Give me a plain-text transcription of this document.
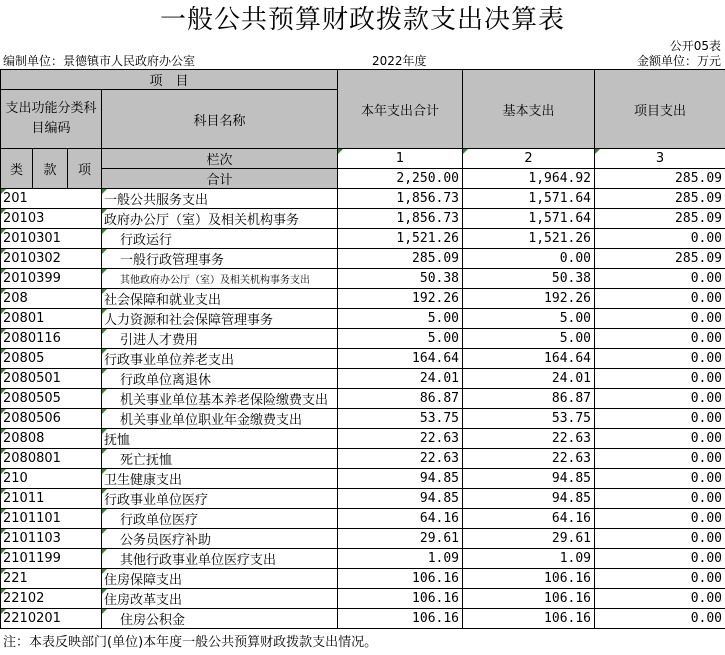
一般公共预算财政拨款支出决算表
公开05表
编制单位：景德镇市人民政府办公室	2022年度	金额单位：万元
项　目				本年支出合计	基本支出	项目支出
支出功能分类科目编码			科目名称			

类	款	项	栏次	1	2	3
			合计	2,250.00	1,964.92	285.09
201			一般公共服务支出	1,856.73	1,571.64	285.09
20103			政府办公厅（室）及相关机构事务	1,856.73	1,571.64	285.09
2010301			行政运行	1,521.26	1,521.26	0.00
2010302			一般行政管理事务	285.09	0.00	285.09
2010399			其他政府办公厅（室）及相关机构事务支出	50.38	50.38	0.00
208			社会保障和就业支出	192.26	192.26	0.00
20801			人力资源和社会保障管理事务	5.00	5.00	0.00
2080116			引进人才费用	5.00	5.00	0.00
20805			行政事业单位养老支出	164.64	164.64	0.00
2080501			行政单位离退休	24.01	24.01	0.00
2080505			机关事业单位基本养老保险缴费支出	86.87	86.87	0.00
2080506			机关事业单位职业年金缴费支出	53.75	53.75	0.00
20808			抚恤	22.63	22.63	0.00
2080801			死亡抚恤	22.63	22.63	0.00
210			卫生健康支出	94.85	94.85	0.00
21011			行政事业单位医疗	94.85	94.85	0.00
2101101			行政单位医疗	64.16	64.16	0.00
2101103			公务员医疗补助	29.61	29.61	0.00
2101199			其他行政事业单位医疗支出	1.09	1.09	0.00
221			住房保障支出	106.16	106.16	0.00
22102			住房改革支出	106.16	106.16	0.00
2210201			住房公积金	106.16	106.16	0.00
注：本表反映部门(单位)本年度一般公共预算财政拨款支出情况。
